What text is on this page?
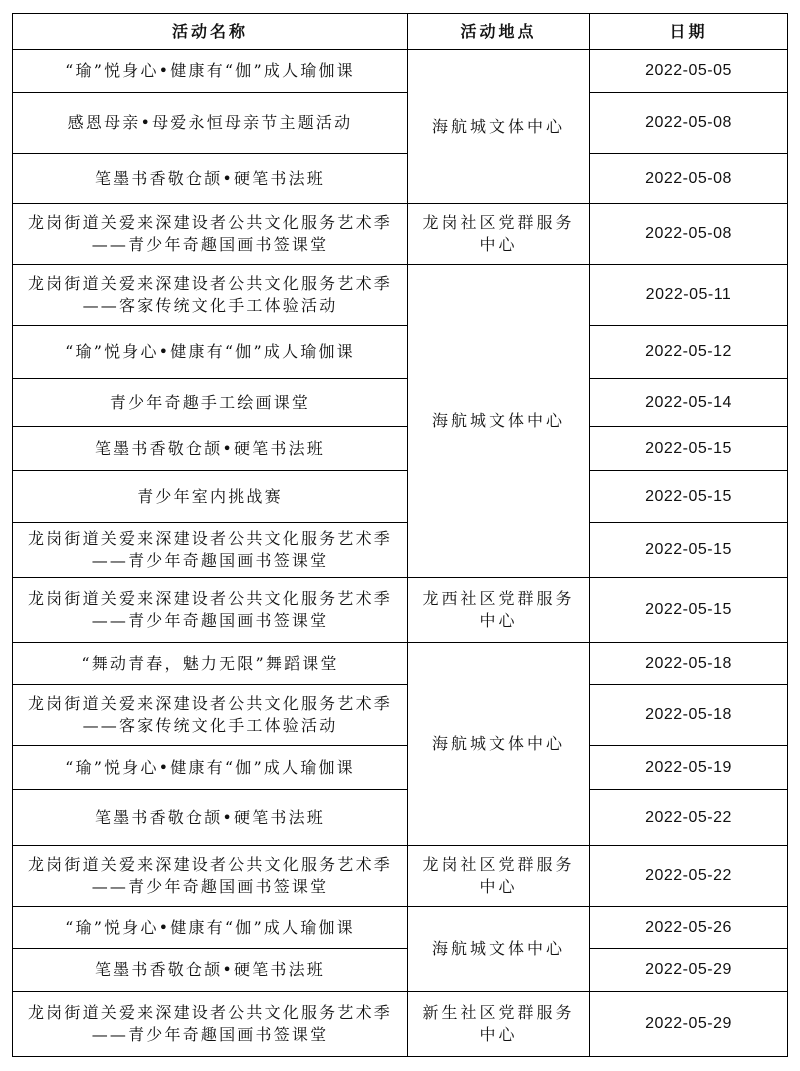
活动名称	活动地点	日期
“瑜”悦身心•健康有“伽”成人瑜伽课	海航城文体中心	2022-05-05
感恩母亲•母爱永恒母亲节主题活动		2022-05-08
笔墨书香敬仓颉•硬笔书法班		2022-05-08
龙岗街道关爱来深建设者公共文化服务艺术季——青少年奇趣国画书签课堂	龙岗社区党群服务中心	2022-05-08
龙岗街道关爱来深建设者公共文化服务艺术季——客家传统文化手工体验活动	海航城文体中心	2022-05-11
“瑜”悦身心•健康有“伽”成人瑜伽课		2022-05-12
青少年奇趣手工绘画课堂		2022-05-14
笔墨书香敬仓颉•硬笔书法班		2022-05-15
青少年室内挑战赛		2022-05-15
龙岗街道关爱来深建设者公共文化服务艺术季——青少年奇趣国画书签课堂		2022-05-15
龙岗街道关爱来深建设者公共文化服务艺术季——青少年奇趣国画书签课堂	龙西社区党群服务中心	2022-05-15
“舞动青春，魅力无限”舞蹈课堂	海航城文体中心	2022-05-18
龙岗街道关爱来深建设者公共文化服务艺术季——客家传统文化手工体验活动		2022-05-18
“瑜”悦身心•健康有“伽”成人瑜伽课		2022-05-19
笔墨书香敬仓颉•硬笔书法班		2022-05-22
龙岗街道关爱来深建设者公共文化服务艺术季——青少年奇趣国画书签课堂	龙岗社区党群服务中心	2022-05-22
“瑜”悦身心•健康有“伽”成人瑜伽课	海航城文体中心	2022-05-26
笔墨书香敬仓颉•硬笔书法班		2022-05-29
龙岗街道关爱来深建设者公共文化服务艺术季——青少年奇趣国画书签课堂	新生社区党群服务中心	2022-05-29
